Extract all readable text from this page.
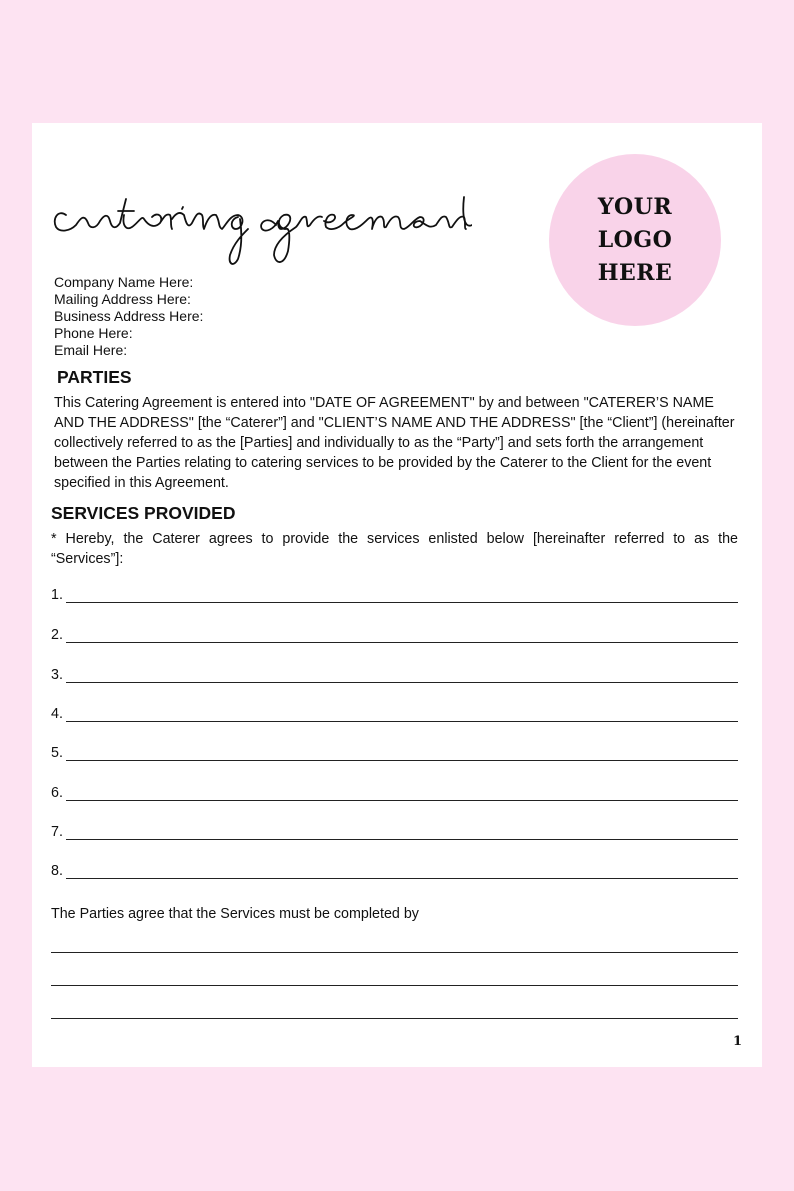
YOUR
LOGO
HERE
Company Name Here:
Mailing Address Here:
Business Address Here:
Phone Here:
Email Here:
PARTIES

This Catering Agreement is entered into "DATE OF AGREEMENT" by and between "CATERER’S NAME AND THE ADDRESS" [the “Caterer”] and "CLIENT’S NAME AND THE ADDRESS" [the “Client”] (hereinafter collectively referred to as the [Parties] and individually to as the “Party”] and sets forth the arrangement between the Parties relating to catering services to be provided by the Caterer to the Client for the event specified in this Agreement.

SERVICES PROVIDED

* Hereby, the Caterer agrees to provide the services enlisted below [hereinafter referred to as the “Services”]:

1.
2.
3.
4.
5.
6.
7.
8.

The Parties agree that the Services must be completed by

1
